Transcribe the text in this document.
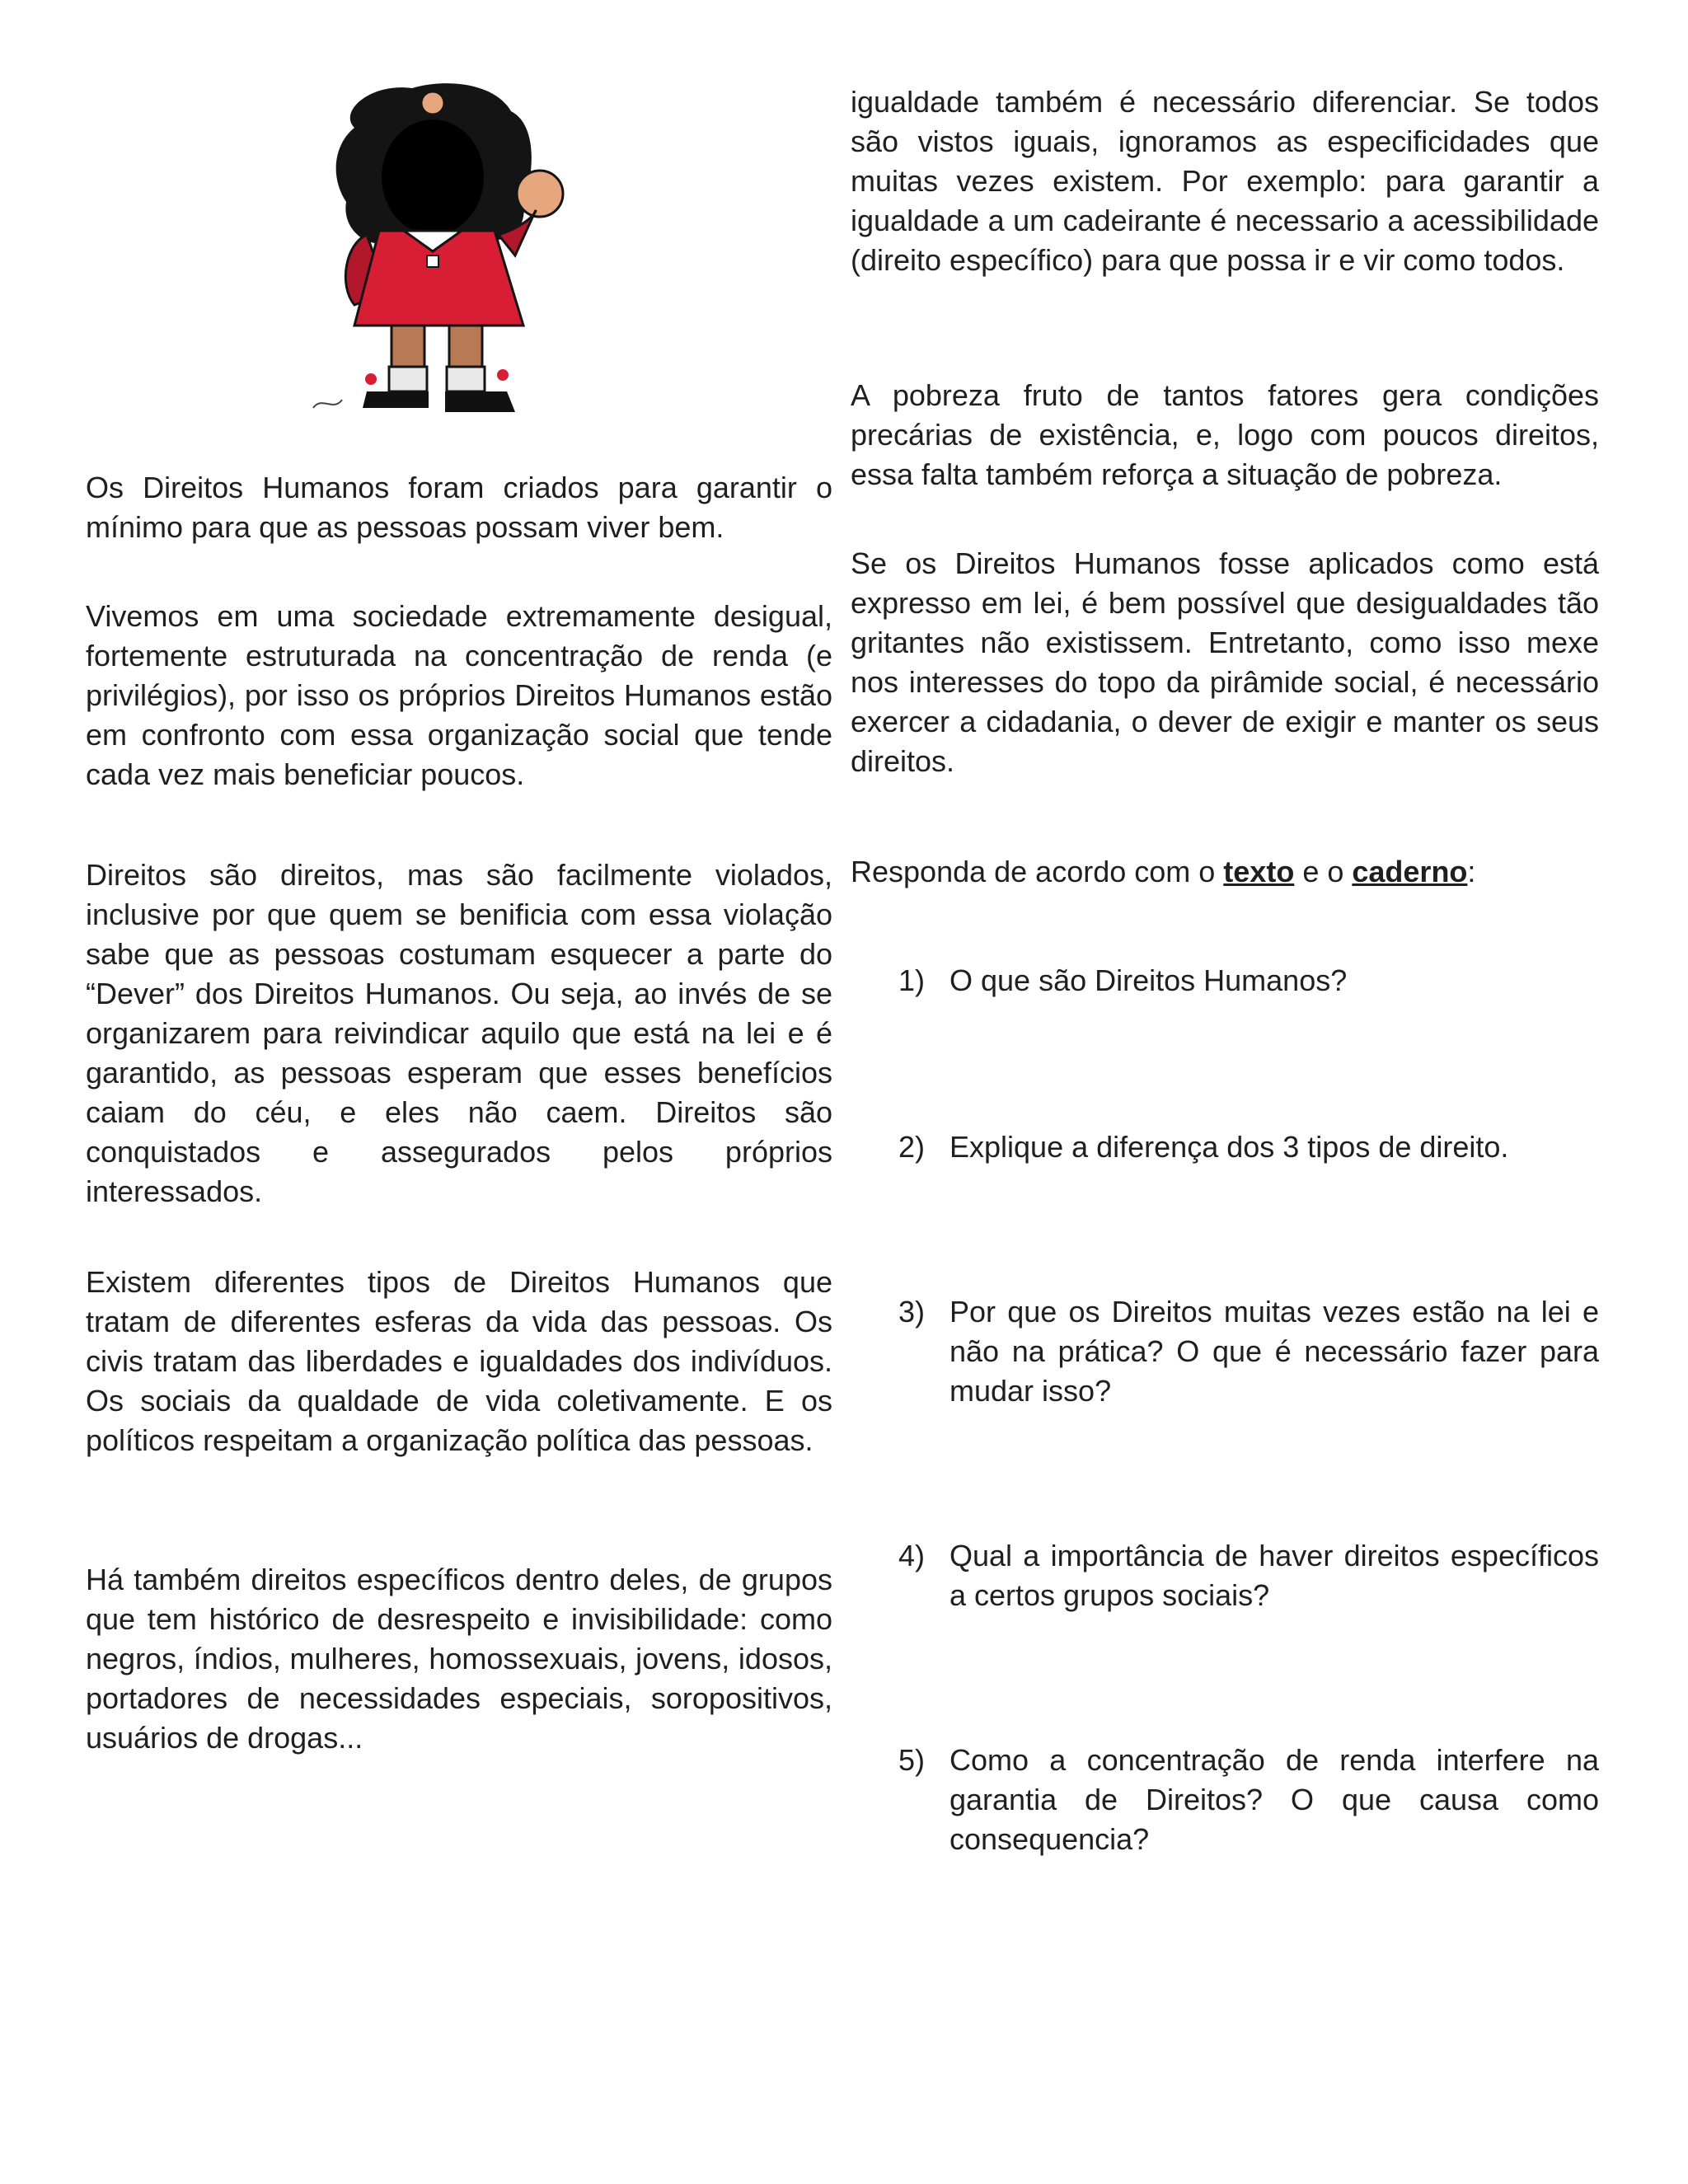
Os Direitos Humanos foram criados para garantir o mínimo para que as pessoas possam viver bem.

Vivemos em uma sociedade extremamente desigual, fortemente estruturada na concentração de renda (e privilégios), por isso os próprios Direitos Humanos estão em confronto com essa organização social que tende cada vez mais beneficiar poucos.

Direitos são direitos, mas são facilmente violados, inclusive por que quem se benificia com essa violação sabe que as pessoas costumam esquecer a parte do “Dever” dos Direitos Humanos. Ou seja, ao invés de se organizarem para reivindicar aquilo que está na lei e é garantido, as pessoas esperam que esses benefícios caiam do céu, e eles não caem. Direitos são conquistados e assegurados pelos próprios interessados.

Existem diferentes tipos de Direitos Humanos que tratam de diferentes esferas da vida das pessoas. Os civis tratam das liberdades e igualdades dos indivíduos. Os sociais da qualdade de vida coletivamente. E os políticos respeitam a organização política das pessoas.

Há também direitos específicos dentro deles, de grupos que tem histórico de desrespeito e invisibilidade: como negros, índios, mulheres, homossexuais, jovens, idosos, portadores de necessidades especiais, soropositivos, usuários de drogas...

igualdade também é necessário diferenciar. Se todos são vistos iguais, ignoramos as especificidades que muitas vezes existem. Por exemplo: para garantir a igualdade a um cadeirante é necessario a acessibilidade (direito específico) para que possa ir e vir como todos.

A pobreza fruto de tantos fatores gera condições precárias de existência, e, logo com poucos direitos, essa falta também reforça a situação de pobreza.

Se os Direitos Humanos fosse aplicados como está expresso em lei, é bem possível que desigualdades tão gritantes não existissem. Entretanto, como isso mexe nos interesses do topo da pirâmide social, é necessário exercer a cidadania, o dever de exigir e manter os seus direitos.

Responda de acordo com o texto e o caderno:
1) O que são Direitos Humanos?
2) Explique a diferença dos 3 tipos de direito.
3) Por que os Direitos muitas vezes estão na lei e não na prática? O que é necessário fazer para mudar isso?
4) Qual a importância de haver direitos específicos a certos grupos sociais?
5) Como a concentração de renda interfere na garantia de Direitos? O que causa como consequencia?
